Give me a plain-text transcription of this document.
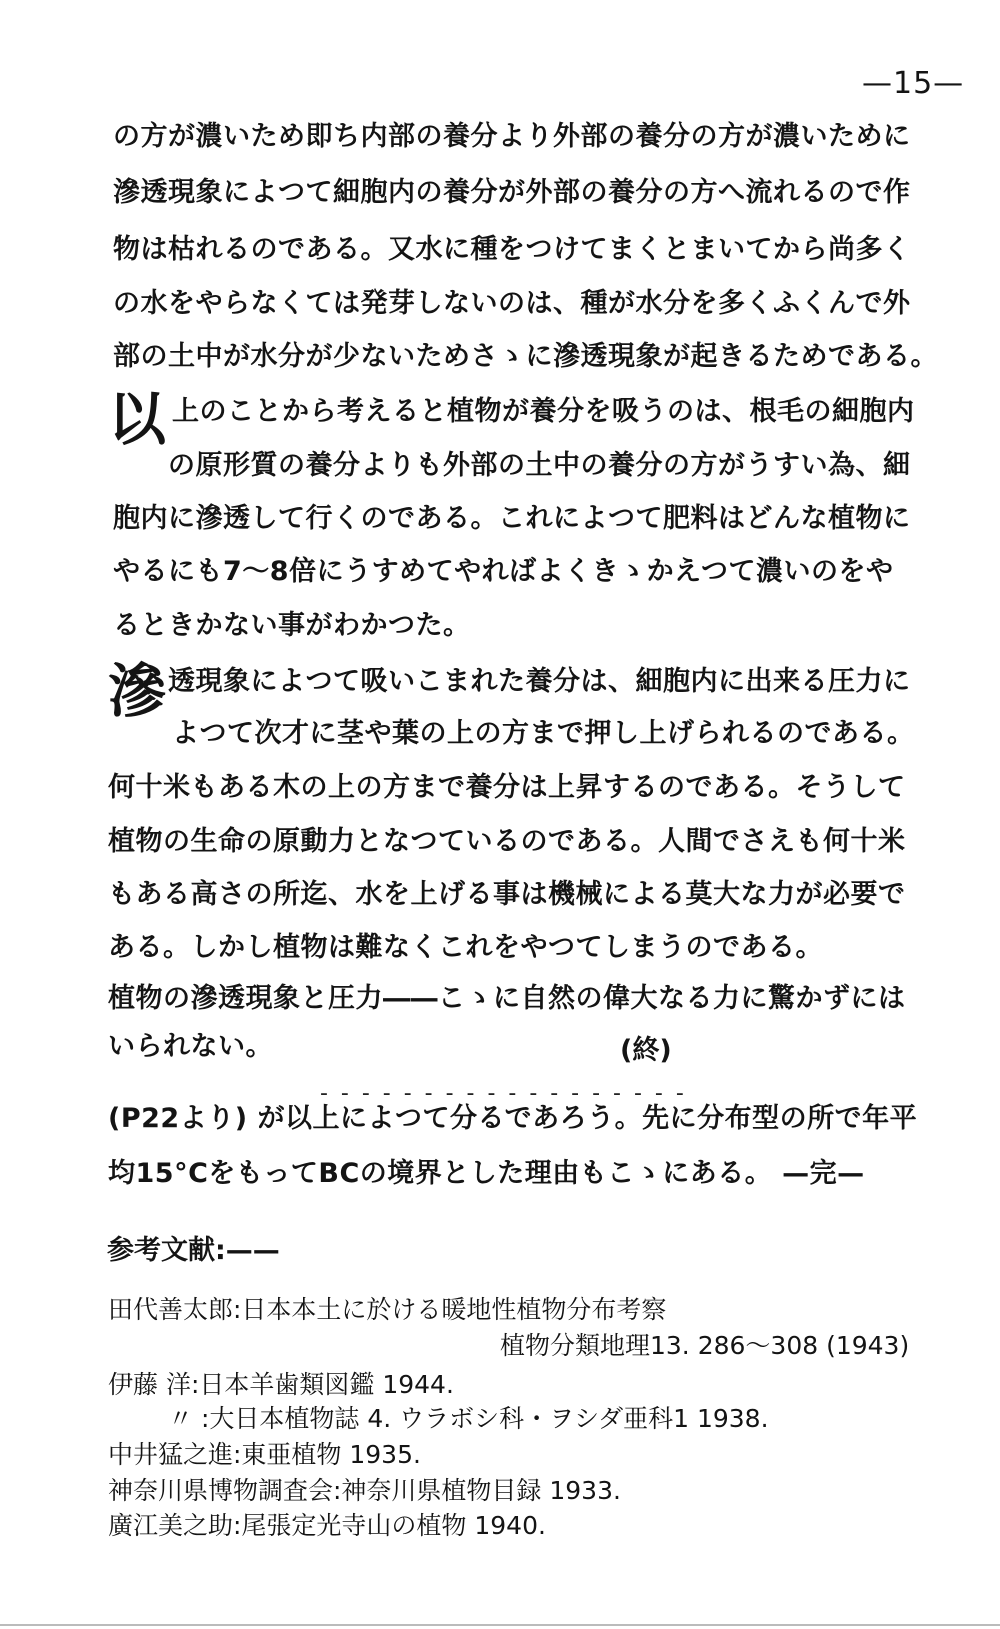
—15—
の方が濃いため即ち内部の養分より外部の養分の方が濃いために
滲透現象によつて細胞内の養分が外部の養分の方へ流れるので作
物は枯れるのである。又水に種をつけてまくとまいてから尚多く
の水をやらなくては発芽しないのは、種が水分を多くふくんで外
部の土中が水分が少ないためさゝに滲透現象が起きるためである。
以 上のことから考えると植物が養分を吸うのは、根毛の細胞内
の原形質の養分よりも外部の土中の養分の方がうすい為、細
胞内に滲透して行くのである。これによつて肥料はどんな植物に
やるにも7〜8倍にうすめてやればよくきゝかえつて濃いのをや
るときかない事がわかつた。
滲 透現象によつて吸いこまれた養分は、細胞内に出来る圧力に
よつて次才に茎や葉の上の方まで押し上げられるのである。
何十米もある木の上の方まで養分は上昇するのである。そうして
植物の生命の原動力となつているのである。人間でさえも何十米
もある高さの所迄、水を上げる事は機械による莫大な力が必要で
ある。しかし植物は難なくこれをやつてしまうのである。
植物の滲透現象と圧力――こゝに自然の偉大なる力に驚かずには
いられない。	(終)
- - - - - - - - - - - - - - - - - -
(P22より) が以上によつて分るであろう。先に分布型の所で年平
均15°CをもってBCの境界とした理由もこゝにある。 —完—
参考文献:——
田代善太郎:日本本土に於ける暖地性植物分布考察
植物分類地理13. 286〜308 (1943)
伊藤 洋:日本羊歯類図鑑 1944.
〃 :大日本植物誌 4. ウラボシ科・ヲシダ亜科1 1938.
中井猛之進:東亜植物 1935.
神奈川県博物調査会:神奈川県植物目録 1933.
廣江美之助:尾張定光寺山の植物 1940.
